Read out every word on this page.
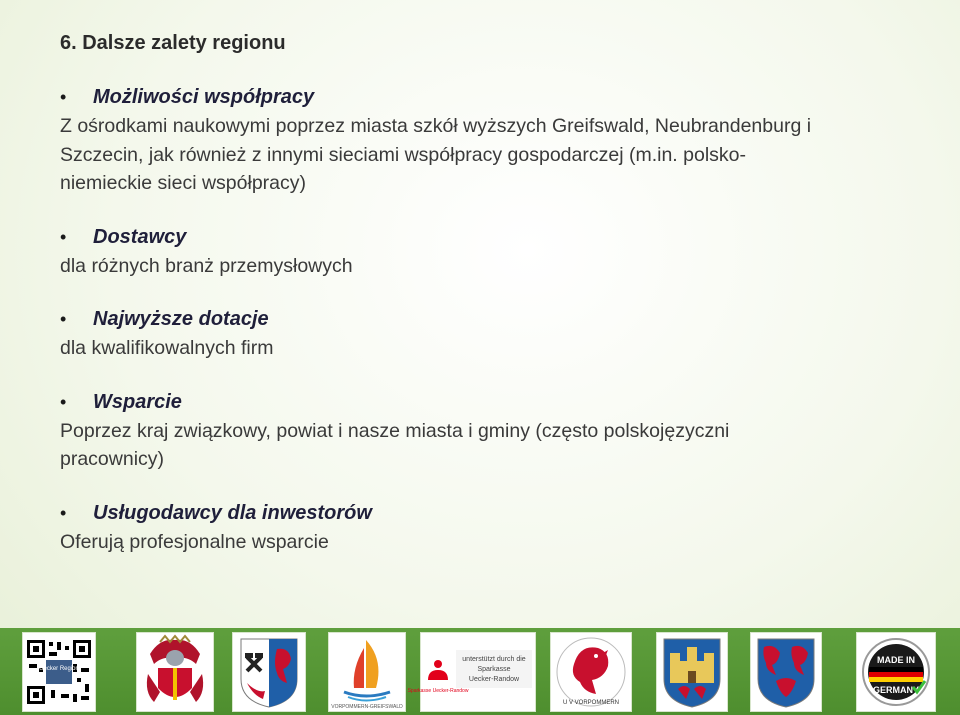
6. Dalsze zalety regionu
•	Możliwości współpracy
Z ośrodkami naukowymi poprzez miasta szkół wyższych Greifswald, Neubrandenburg i
Szczecin, jak również z innymi sieciami współpracy gospodarczej (m.in. polsko-
niemieckie sieci współpracy)
•	Dostawcy
dla różnych branż przemysłowych
•	Najwyższe dotacje
dla kwalifikowalnych firm
•	Wsparcie
Poprzez kraj związkowy, powiat i nasze miasta i gminy (często polskojęzyczni
pracownicy)
•	Usługodawcy dla inwestorów
Oferują profesjonalne wsparcie
Uecker Region
VORPOMMERN-GREIFSWALD
Sparkasse Uecker-Randow
unterstützt durch die
Sparkasse
Uecker-Randow
U V VORPOMMERN
MADE IN
GERMANY
